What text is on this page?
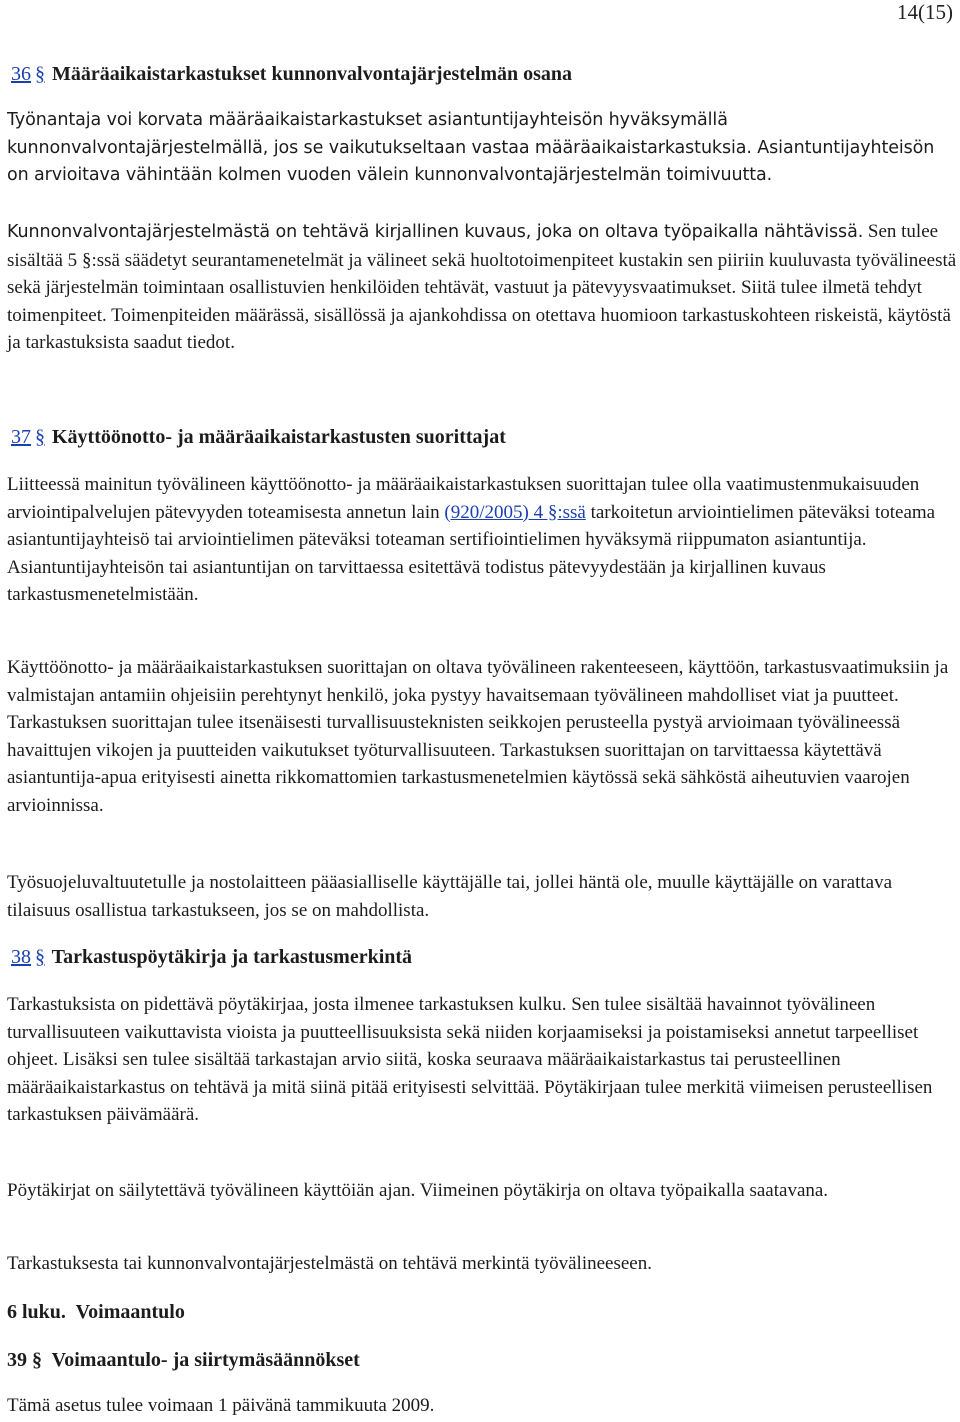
14(15)
36 § Määräaikaistarkastukset kunnonvalvontajärjestelmän osana

Työnantaja voi korvata määräaikaistarkastukset asiantuntijayhteisön hyväksymällä kunnonvalvontajärjestelmällä, jos se vaikutukseltaan vastaa määräaikaistarkastuksia. Asiantuntijayhteisön on arvioitava vähintään kolmen vuoden välein kunnonvalvontajärjestelmän toimivuutta.

Kunnonvalvontajärjestelmästä on tehtävä kirjallinen kuvaus, joka on oltava työpaikalla nähtävissä. Sen tulee sisältää 5 §:ssä säädetyt seurantamenetelmät ja välineet sekä huoltotoimenpiteet kustakin sen piiriin kuuluvasta työvälineestä sekä järjestelmän toimintaan osallistuvien henkilöiden tehtävät, vastuut ja pätevyysvaatimukset. Siitä tulee ilmetä tehdyt toimenpiteet. Toimenpiteiden määrässä, sisällössä ja ajankohdissa on otettava huomioon tarkastuskohteen riskeistä, käytöstä ja tarkastuksista saadut tiedot.

37 § Käyttöönotto- ja määräaikaistarkastusten suorittajat

Liitteessä mainitun työvälineen käyttöönotto- ja määräaikaistarkastuksen suorittajan tulee olla vaatimustenmukaisuuden arviointipalvelujen pätevyyden toteamisesta annetun lain (920/2005) 4 §:ssä tarkoitetun arviointielimen päteväksi toteama asiantuntijayhteisö tai arviointielimen päteväksi toteaman sertifiointielimen hyväksymä riippumaton asiantuntija. Asiantuntijayhteisön tai asiantuntijan on tarvittaessa esitettävä todistus pätevyydestään ja kirjallinen kuvaus tarkastusmenetelmistään.

Käyttöönotto- ja määräaikaistarkastuksen suorittajan on oltava työvälineen rakenteeseen, käyttöön, tarkastusvaatimuksiin ja valmistajan antamiin ohjeisiin perehtynyt henkilö, joka pystyy havaitsemaan työvälineen mahdolliset viat ja puutteet. Tarkastuksen suorittajan tulee itsenäisesti turvallisuusteknisten seikkojen perusteella pystyä arvioimaan työvälineessä havaittujen vikojen ja puutteiden vaikutukset työturvallisuuteen. Tarkastuksen suorittajan on tarvittaessa käytettävä asiantuntija-apua erityisesti ainetta rikkomattomien tarkastusmenetelmien käytössä sekä sähköstä aiheutuvien vaarojen arvioinnissa.

Työsuojeluvaltuutetulle ja nostolaitteen pääasialliselle käyttäjälle tai, jollei häntä ole, muulle käyttäjälle on varattava tilaisuus osallistua tarkastukseen, jos se on mahdollista.

38 § Tarkastuspöytäkirja ja tarkastusmerkintä

Tarkastuksista on pidettävä pöytäkirjaa, josta ilmenee tarkastuksen kulku. Sen tulee sisältää havainnot työvälineen turvallisuuteen vaikuttavista vioista ja puutteellisuuksista sekä niiden korjaamiseksi ja poistamiseksi annetut tarpeelliset ohjeet. Lisäksi sen tulee sisältää tarkastajan arvio siitä, koska seuraava määräaikaistarkastus tai perusteellinen määräaikaistarkastus on tehtävä ja mitä siinä pitää erityisesti selvittää. Pöytäkirjaan tulee merkitä viimeisen perusteellisen tarkastuksen päivämäärä.

Pöytäkirjat on säilytettävä työvälineen käyttöiän ajan. Viimeinen pöytäkirja on oltava työpaikalla saatavana.

Tarkastuksesta tai kunnonvalvontajärjestelmästä on tehtävä merkintä työvälineeseen.

6 luku. Voimaantulo
39 § Voimaantulo- ja siirtymäsäännökset

Tämä asetus tulee voimaan 1 päivänä tammikuuta 2009.
